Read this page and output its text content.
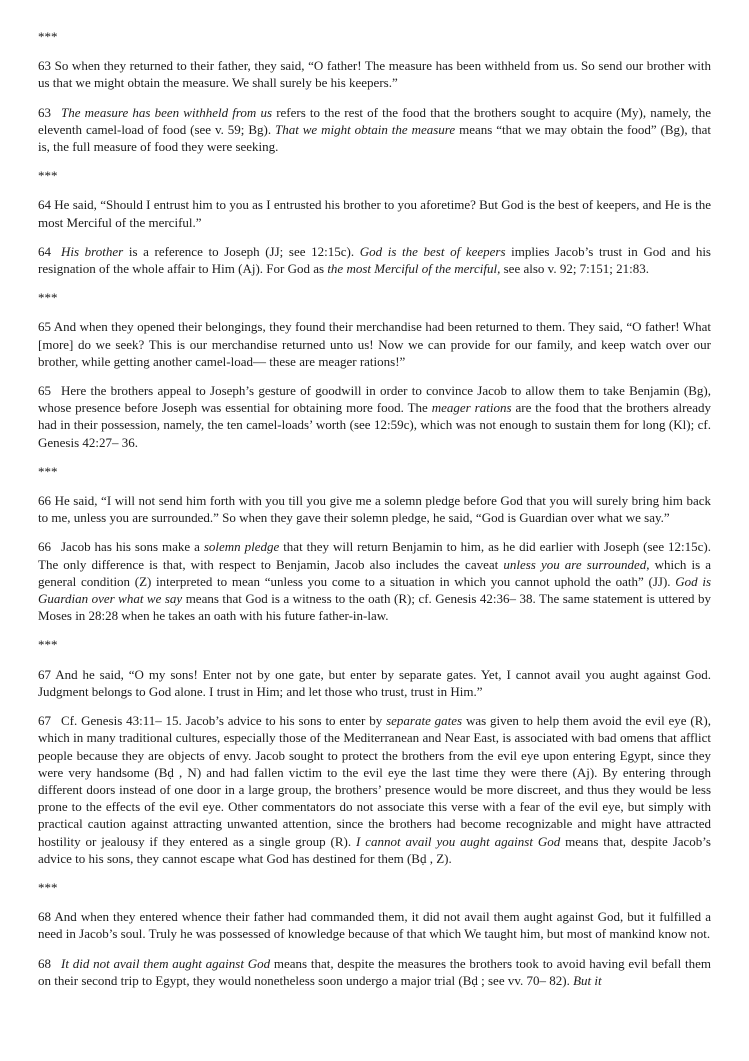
***

63 So when they returned to their father, they said, “O father! The measure has been withheld from us. So send our brother with us that we might obtain the measure. We shall surely be his keepers.”

63 The measure has been withheld from us refers to the rest of the food that the brothers sought to acquire (My), namely, the eleventh camel-load of food (see v. 59; Bg). That we might obtain the measure means “that we may obtain the food” (Bg), that is, the full measure of food they were seeking.

***

64 He said, “Should I entrust him to you as I entrusted his brother to you aforetime? But God is the best of keepers, and He is the most Merciful of the merciful.”

64 His brother is a reference to Joseph (JJ; see 12:15c). God is the best of keepers implies Jacob’s trust in God and his resignation of the whole affair to Him (Aj). For God as the most Merciful of the merciful, see also v. 92; 7:151; 21:83.

***

65 And when they opened their belongings, they found their merchandise had been returned to them. They said, “O father! What [more] do we seek? This is our merchandise returned unto us! Now we can provide for our family, and keep watch over our brother, while getting another camel-load— these are meager rations!”

65 Here the brothers appeal to Joseph’s gesture of goodwill in order to convince Jacob to allow them to take Benjamin (Bg), whose presence before Joseph was essential for obtaining more food. The meager rations are the food that the brothers already had in their possession, namely, the ten camel-loads’ worth (see 12:59c), which was not enough to sustain them for long (Kl); cf. Genesis 42:27– 36.

***

66 He said, “I will not send him forth with you till you give me a solemn pledge before God that you will surely bring him back to me, unless you are surrounded.” So when they gave their solemn pledge, he said, “God is Guardian over what we say.”

66 Jacob has his sons make a solemn pledge that they will return Benjamin to him, as he did earlier with Joseph (see 12:15c). The only difference is that, with respect to Benjamin, Jacob also includes the caveat unless you are surrounded, which is a general condition (Z) interpreted to mean “unless you come to a situation in which you cannot uphold the oath” (JJ). God is Guardian over what we say means that God is a witness to the oath (R); cf. Genesis 42:36– 38. The same statement is uttered by Moses in 28:28 when he takes an oath with his future father-in-law.

***

67 And he said, “O my sons! Enter not by one gate, but enter by separate gates. Yet, I cannot avail you aught against God. Judgment belongs to God alone. I trust in Him; and let those who trust, trust in Him.”

67 Cf. Genesis 43:11– 15. Jacob’s advice to his sons to enter by separate gates was given to help them avoid the evil eye (R), which in many traditional cultures, especially those of the Mediterranean and Near East, is associated with bad omens that afflict people because they are objects of envy. Jacob sought to protect the brothers from the evil eye upon entering Egypt, since they were very handsome (Bḍ , N) and had fallen victim to the evil eye the last time they were there (Aj). By entering through different doors instead of one door in a large group, the brothers’ presence would be more discreet, and thus they would be less prone to the effects of the evil eye. Other commentators do not associate this verse with a fear of the evil eye, but simply with practical caution against attracting unwanted attention, since the brothers had become recognizable and might have attracted hostility or jealousy if they entered as a single group (R). I cannot avail you aught against God means that, despite Jacob’s advice to his sons, they cannot escape what God has destined for them (Bḍ , Z).

***

68 And when they entered whence their father had commanded them, it did not avail them aught against God, but it fulfilled a need in Jacob’s soul. Truly he was possessed of knowledge because of that which We taught him, but most of mankind know not.

68 It did not avail them aught against God means that, despite the measures the brothers took to avoid having evil befall them on their second trip to Egypt, they would nonetheless soon undergo a major trial (Bḍ ; see vv. 70– 82). But it
